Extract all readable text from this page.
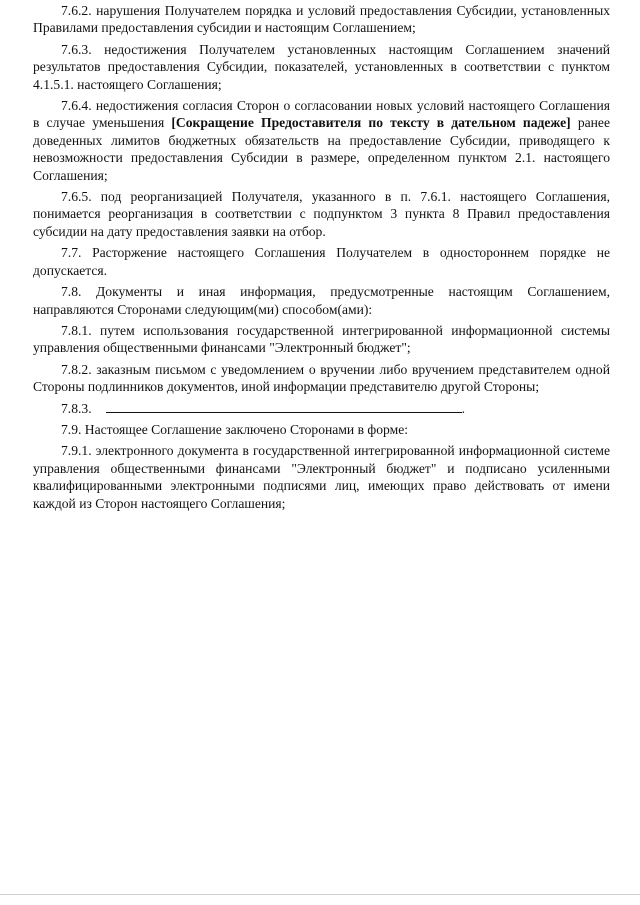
7.6.2. нарушения Получателем порядка и условий предоставления Субсидии, установленных Правилами предоставления субсидии и настоящим Соглашением;

7.6.3. недостижения Получателем установленных настоящим Соглашением значений результатов предоставления Субсидии, показателей, установленных в соответствии с пунктом 4.1.5.1. настоящего Соглашения;

7.6.4. недостижения согласия Сторон о согласовании новых условий настоящего Соглашения в случае уменьшения [Сокращение Предоставителя по тексту в дательном падеже] ранее доведенных лимитов бюджетных обязательств на предоставление Субсидии, приводящего к невозможности предоставления Субсидии в размере, определенном пунктом 2.1. настоящего Соглашения;

7.6.5. под реорганизацией Получателя, указанного в п. 7.6.1. настоящего Соглашения, понимается реорганизация в соответствии с подпунктом 3 пункта 8 Правил предоставления субсидии на дату предоставления заявки на отбор.

7.7. Расторжение настоящего Соглашения Получателем в одностороннем порядке не допускается.

7.8. Документы и иная информация, предусмотренные настоящим Соглашением, направляются Сторонами следующим(ми) способом(ами):

7.8.1. путем использования государственной интегрированной информационной системы управления общественными финансами "Электронный бюджет";

7.8.2. заказным письмом с уведомлением о вручении либо вручением представителем одной Стороны подлинников документов, иной информации представителю другой Стороны;

7.8.3.	.

7.9. Настоящее Соглашение заключено Сторонами в форме:

7.9.1. электронного документа в государственной интегрированной информационной системе управления общественными финансами "Электронный бюджет" и подписано усиленными квалифицированными электронными подписями лиц, имеющих право действовать от имени каждой из Сторон настоящего Соглашения;
